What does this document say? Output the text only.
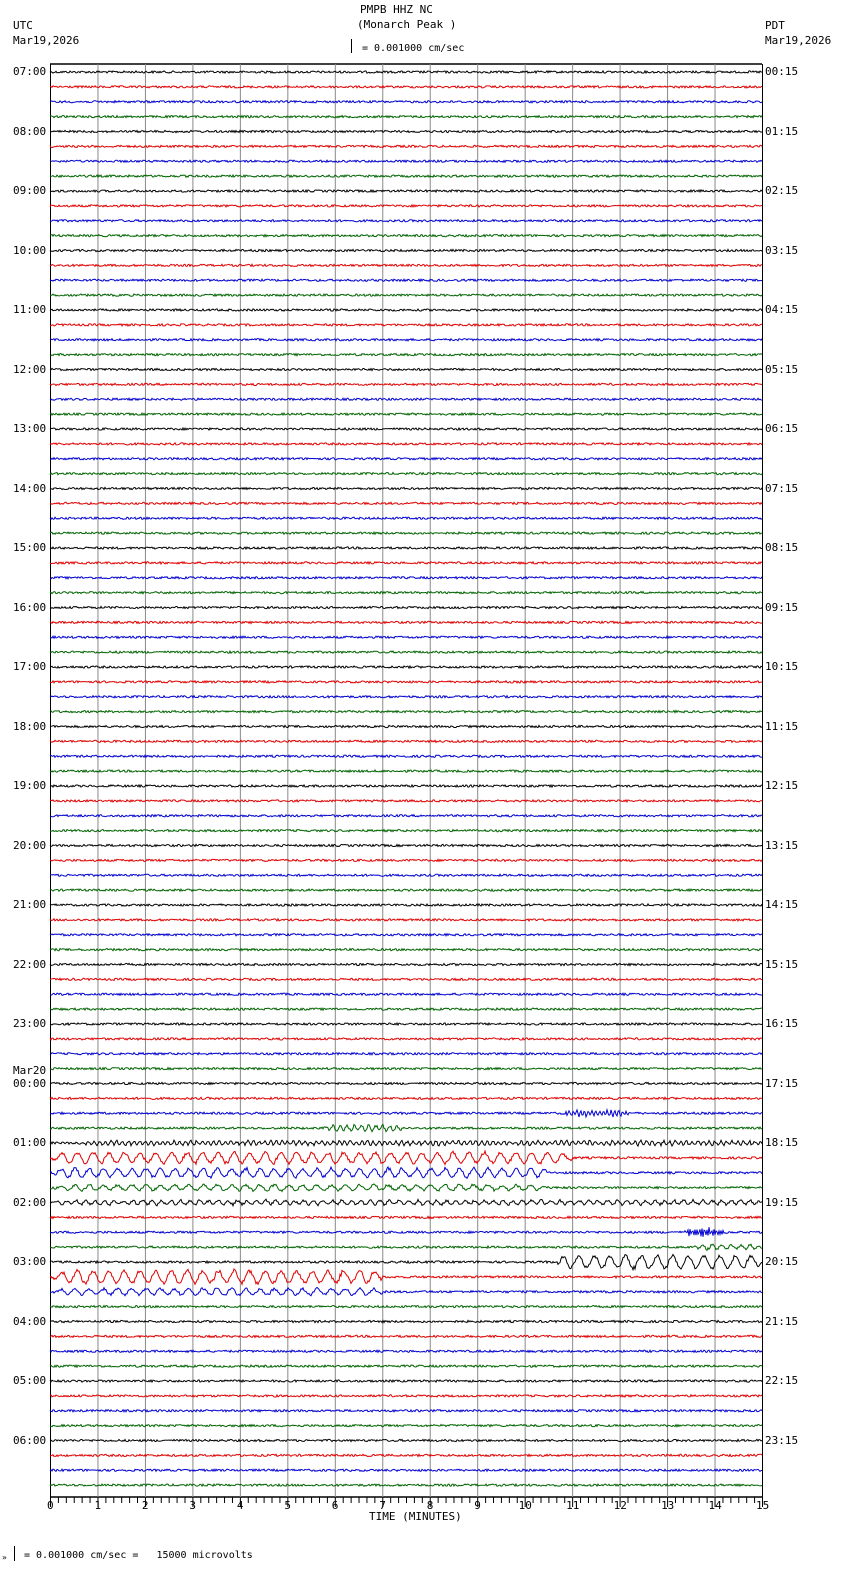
PMPB HHZ NC
(Monarch Peak )
UTC
Mar19,2026
PDT
Mar19,2026
= 0.001000 cm/sec
07:00	00:15
08:00	01:15
09:00	02:15
10:00	03:15
11:00	04:15
12:00	05:15
13:00	06:15
14:00	07:15
15:00	08:15
16:00	09:15
17:00	10:15
18:00	11:15
19:00	12:15
20:00	13:15
21:00	14:15
22:00	15:15
23:00	16:15
00:00	17:15
01:00	18:15
02:00	19:15
03:00	20:15
04:00	21:15
05:00	22:15
06:00	23:15
Mar20
0	1	2	3	4	5	6	7	8	9	10	11	12	13	14	15
TIME (MINUTES)
» = 0.001000 cm/sec =   15000 microvolts
